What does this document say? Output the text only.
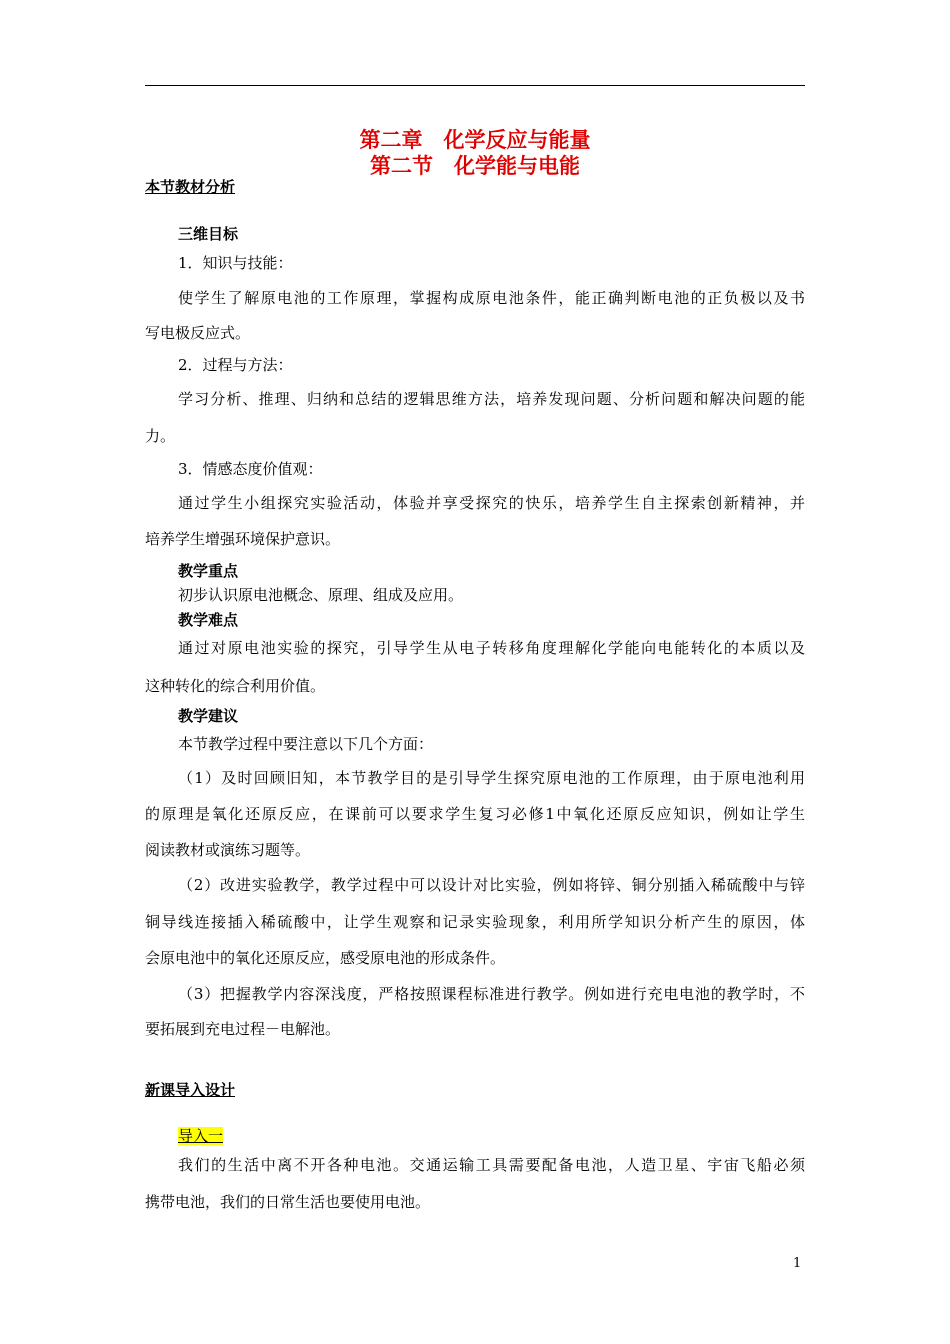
第二章　化学反应与能量
第二节　化学能与电能
本节教材分析
三维目标
1．知识与技能：
使学生了解原电池的工作原理，掌握构成原电池条件，能正确判断电池的正负极以及书
写电极反应式。
2．过程与方法：
学习分析、推理、归纳和总结的逻辑思维方法，培养发现问题、分析问题和解决问题的能
力。
3．情感态度价值观：
通过学生小组探究实验活动，体验并享受探究的快乐，培养学生自主探索创新精神，并
培养学生增强环境保护意识。
教学重点
初步认识原电池概念、原理、组成及应用。
教学难点
通过对原电池实验的探究，引导学生从电子转移角度理解化学能向电能转化的本质以及
这种转化的综合利用价值。
教学建议
本节教学过程中要注意以下几个方面：
（1）及时回顾旧知，本节教学目的是引导学生探究原电池的工作原理，由于原电池利用
的原理是氧化还原反应，在课前可以要求学生复习必修1中氧化还原反应知识，例如让学生
阅读教材或演练习题等。
（2）改进实验教学，教学过程中可以设计对比实验，例如将锌、铜分别插入稀硫酸中与锌
铜导线连接插入稀硫酸中，让学生观察和记录实验现象，利用所学知识分析产生的原因，体
会原电池中的氧化还原反应，感受原电池的形成条件。
（3）把握教学内容深浅度，严格按照课程标准进行教学。例如进行充电电池的教学时，不
要拓展到充电过程－电解池。
新课导入设计
导入一
我们的生活中离不开各种电池。交通运输工具需要配备电池，人造卫星、宇宙飞船必须
携带电池，我们的日常生活也要使用电池。
1
